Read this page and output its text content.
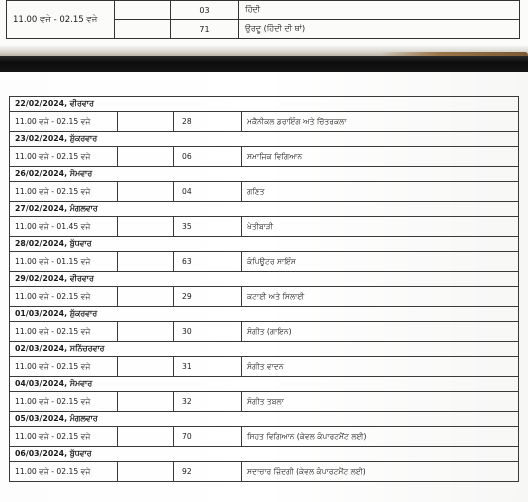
11.00 ਵਜੇ - 02.15 ਵਜੇ		03	ਹਿੰਦੀ
		71	ਉਰਦੂ (ਹਿੰਦੀ ਦੀ ਥਾਂ)
22/02/2024, ਵੀਰਵਾਰ			
11.00 ਵਜੇ - 02.15 ਵਜੇ		28	ਮਕੈਨੀਕਲ ਡਰਾਇੰਗ ਅਤੇ ਚਿੱਤਰਕਲਾ
23/02/2024, ਸ਼ੁੱਕਰਵਾਰ			
11.00 ਵਜੇ - 02.15 ਵਜੇ		06	ਸਮਾਜਿਕ ਵਿਗਿਆਨ
26/02/2024, ਸੋਮਵਾਰ			
11.00 ਵਜੇ - 02.15 ਵਜੇ		04	ਗਣਿਤ
27/02/2024, ਮੰਗਲਵਾਰ			
11.00 ਵਜੇ - 01.45 ਵਜੇ		35	ਖੇਤੀਬਾੜੀ
28/02/2024, ਬੁੱਧਵਾਰ			
11.00 ਵਜੇ - 01.15 ਵਜੇ		63	ਕੰਪਿਊਟਰ ਸਾਇੰਸ
29/02/2024, ਵੀਰਵਾਰ			
11.00 ਵਜੇ - 02.15 ਵਜੇ		29	ਕਟਾਈ ਅਤੇ ਸਿਲਾਈ
01/03/2024, ਸ਼ੁੱਕਰਵਾਰ			
11.00 ਵਜੇ - 02.15 ਵਜੇ		30	ਸੰਗੀਤ (ਗਾਇਨ)
02/03/2024, ਸਨਿੱਚਰਵਾਰ			
11.00 ਵਜੇ - 02.15 ਵਜੇ		31	ਸੰਗੀਤ ਵਾਦਨ
04/03/2024, ਸੋਮਵਾਰ			
11.00 ਵਜੇ - 02.15 ਵਜੇ		32	ਸੰਗੀਤ ਤਬਲਾ
05/03/2024, ਮੰਗਲਵਾਰ			
11.00 ਵਜੇ - 02.15 ਵਜੇ		70	ਸਿਹਤ ਵਿਗਿਆਨ (ਕੇਵਲ ਕੰਪਾਰਟਮੈਂਟ ਲਈ)
06/03/2024, ਬੁੱਧਵਾਰ			
11.00 ਵਜੇ - 02.15 ਵਜੇ		92	ਸਦਾਚਾਰ ਜ਼ਿੰਦਗੀ (ਕੇਵਲ ਕੰਪਾਰਟਮੈਂਟ ਲਈ)
